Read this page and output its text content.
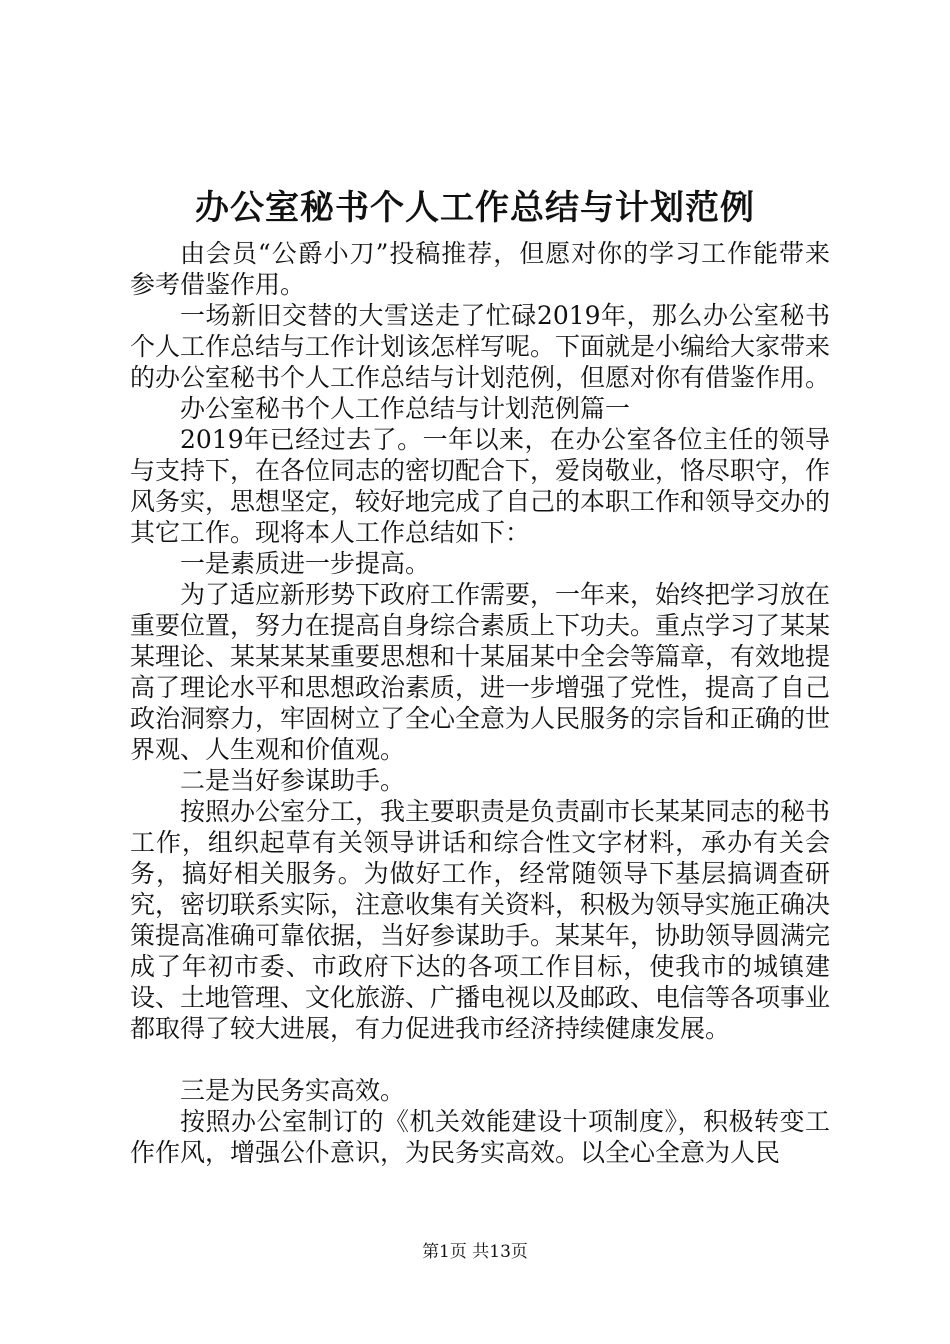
办公室秘书个人工作总结与计划范例

由会员“公爵小刀”投稿推荐，但愿对你的学习工作能带来参考借鉴作用。

一场新旧交替的大雪送走了忙碌2019年，那么办公室秘书个人工作总结与工作计划该怎样写呢。下面就是小编给大家带来的办公室秘书个人工作总结与计划范例，但愿对你有借鉴作用。

办公室秘书个人工作总结与计划范例篇一

2019年已经过去了。一年以来，在办公室各位主任的领导与支持下，在各位同志的密切配合下，爱岗敬业，恪尽职守，作风务实，思想坚定，较好地完成了自己的本职工作和领导交办的其它工作。现将本人工作总结如下：

一是素质进一步提高。

为了适应新形势下政府工作需要，一年来，始终把学习放在重要位置，努力在提高自身综合素质上下功夫。重点学习了某某某理论、某某某某重要思想和十某届某中全会等篇章，有效地提高了理论水平和思想政治素质，进一步增强了党性，提高了自己政治洞察力，牢固树立了全心全意为人民服务的宗旨和正确的世界观、人生观和价值观。

二是当好参谋助手。

按照办公室分工，我主要职责是负责副市长某某同志的秘书工作，组织起草有关领导讲话和综合性文字材料，承办有关会务，搞好相关服务。为做好工作，经常随领导下基层搞调查研究，密切联系实际，注意收集有关资料，积极为领导实施正确决策提高准确可靠依据，当好参谋助手。某某年，协助领导圆满完成了年初市委、市政府下达的各项工作目标，使我市的城镇建设、土地管理、文化旅游、广播电视以及邮政、电信等各项事业都取得了较大进展，有力促进我市经济持续健康发展。

三是为民务实高效。

按照办公室制订的《机关效能建设十项制度》，积极转变工作作风，增强公仆意识，为民务实高效。以全心全意为人民

第1页 共13页
